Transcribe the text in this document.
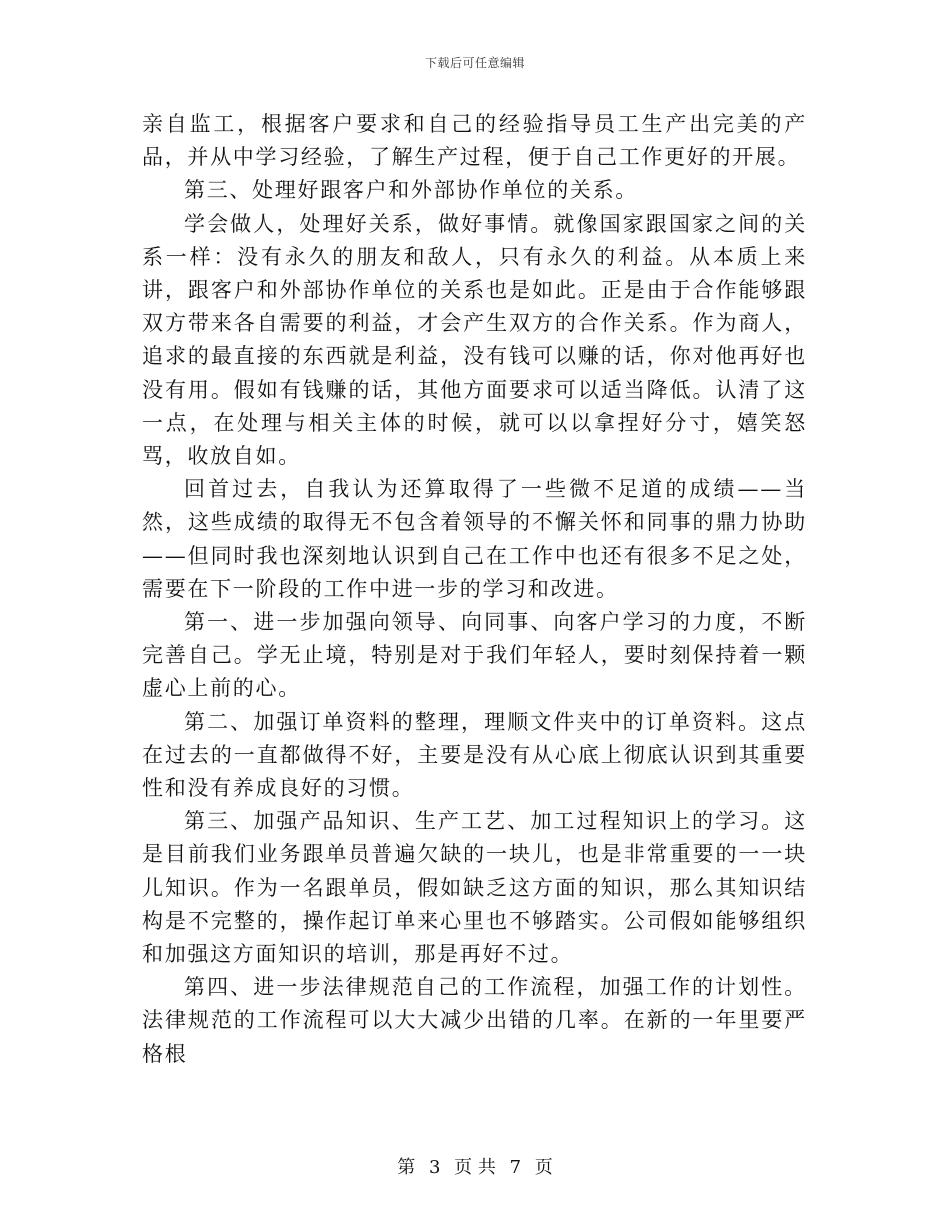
下载后可任意编辑

亲自监工，根据客户要求和自己的经验指导员工生产出完美的产品，并从中学习经验，了解生产过程，便于自己工作更好的开展。

第三、处理好跟客户和外部协作单位的关系。

学会做人，处理好关系，做好事情。就像国家跟国家之间的关系一样：没有永久的朋友和敌人，只有永久的利益。从本质上来讲，跟客户和外部协作单位的关系也是如此。正是由于合作能够跟双方带来各自需要的利益，才会产生双方的合作关系。作为商人，追求的最直接的东西就是利益，没有钱可以赚的话，你对他再好也没有用。假如有钱赚的话，其他方面要求可以适当降低。认清了这一点，在处理与相关主体的时候，就可以以拿捏好分寸，嬉笑怒骂，收放自如。

回首过去，自我认为还算取得了一些微不足道的成绩——当然，这些成绩的取得无不包含着领导的不懈关怀和同事的鼎力协助——但同时我也深刻地认识到自己在工作中也还有很多不足之处，需要在下一阶段的工作中进一步的学习和改进。

第一、进一步加强向领导、向同事、向客户学习的力度，不断完善自己。学无止境，特别是对于我们年轻人，要时刻保持着一颗虚心上前的心。

第二、加强订单资料的整理，理顺文件夹中的订单资料。这点在过去的一直都做得不好，主要是没有从心底上彻底认识到其重要性和没有养成良好的习惯。

第三、加强产品知识、生产工艺、加工过程知识上的学习。这是目前我们业务跟单员普遍欠缺的一块儿，也是非常重要的一一块儿知识。作为一名跟单员，假如缺乏这方面的知识，那么其知识结构是不完整的，操作起订单来心里也不够踏实。公司假如能够组织和加强这方面知识的培训，那是再好不过。

第四、进一步法律规范自己的工作流程，加强工作的计划性。法律规范的工作流程可以大大减少出错的几率。在新的一年里要严格根

第 3 页 共 7 页
